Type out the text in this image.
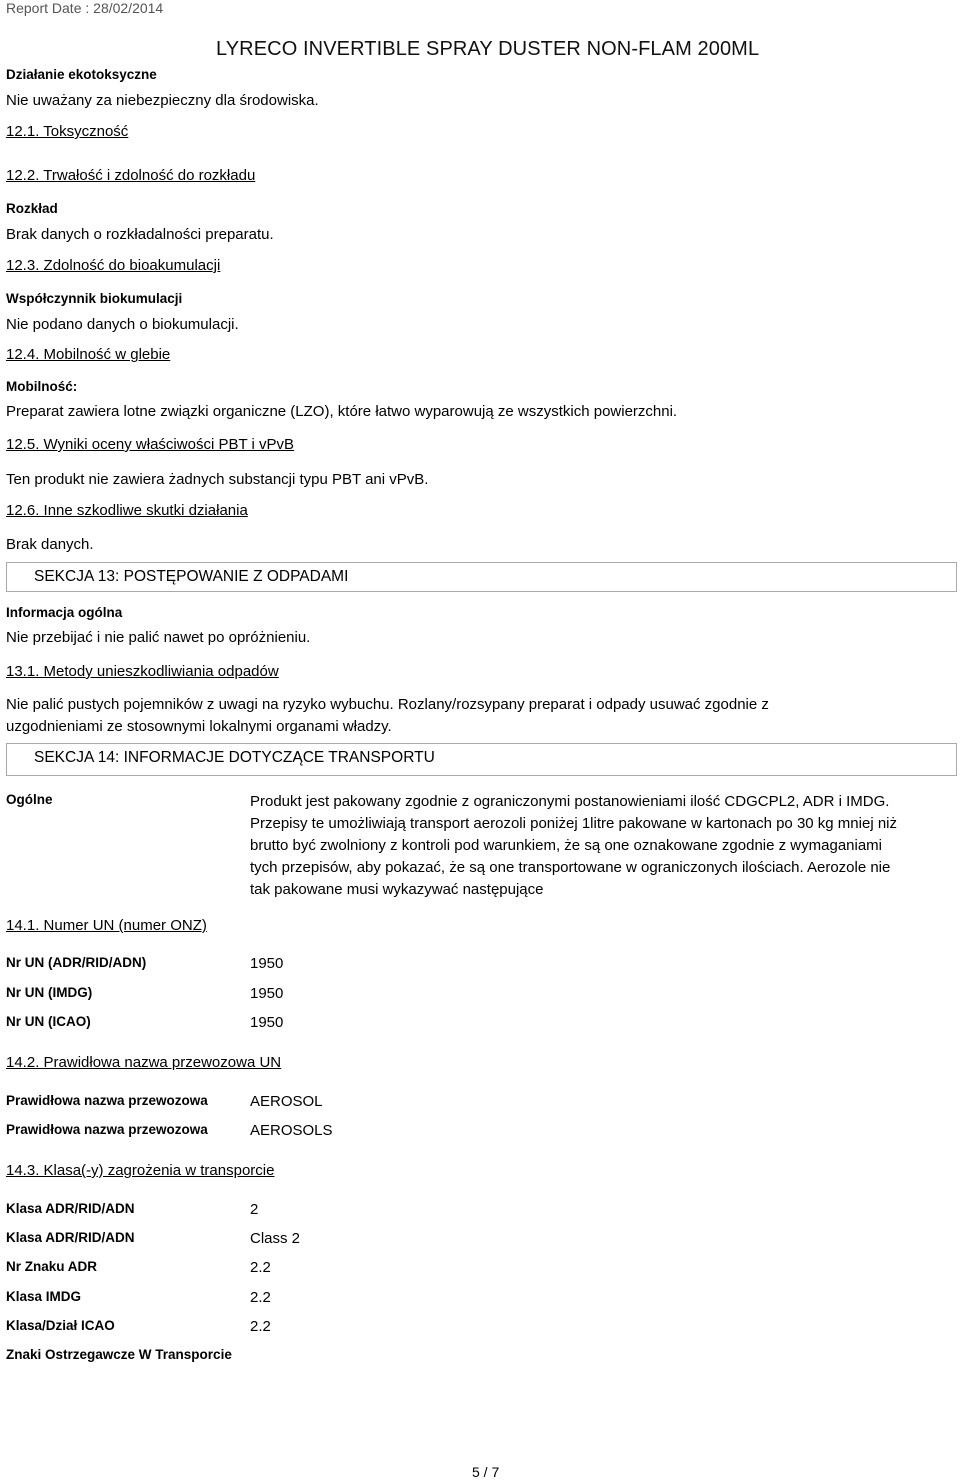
Report Date : 28/02/2014
LYRECO INVERTIBLE SPRAY DUSTER NON-FLAM 200ML
Działanie ekotoksyczne
Nie uważany za niebezpieczny dla środowiska.
12.1. Toksyczność
12.2. Trwałość i zdolność do rozkładu
Rozkład
Brak danych o rozkładalności preparatu.
12.3. Zdolność do bioakumulacji
Współczynnik biokumulacji
Nie podano danych o biokumulacji.
12.4. Mobilność w glebie
Mobilność:
Preparat zawiera lotne związki organiczne (LZO), które łatwo wyparowują ze wszystkich powierzchni.
12.5. Wyniki oceny właściwości PBT i vPvB
Ten produkt nie zawiera żadnych substancji typu PBT ani vPvB.
12.6. Inne szkodliwe skutki działania
Brak danych.
SEKCJA 13: POSTĘPOWANIE Z ODPADAMI
Informacja ogólna
Nie przebijać i nie palić nawet po opróżnieniu.
13.1. Metody unieszkodliwiania odpadów
Nie palić pustych pojemników z uwagi na ryzyko wybuchu. Rozlany/rozsypany preparat i odpady usuwać zgodnie z uzgodnieniami ze stosownymi lokalnymi organami władzy.
SEKCJA 14: INFORMACJE DOTYCZĄCE TRANSPORTU
Ogólne	Produkt jest pakowany zgodnie z ograniczonymi postanowieniami ilość CDGCPL2, ADR i IMDG. Przepisy te umożliwiają transport aerozoli poniżej 1litre pakowane w kartonach po 30 kg mniej niż brutto być zwolniony z kontroli pod warunkiem, że są one oznakowane zgodnie z wymaganiami tych przepisów, aby pokazać, że są one transportowane w ograniczonych ilościach. Aerozole nie tak pakowane musi wykazywać następujące
14.1. Numer UN (numer ONZ)
Nr UN (ADR/RID/ADN)	1950
Nr UN (IMDG)	1950
Nr UN (ICAO)	1950
14.2. Prawidłowa nazwa przewozowa UN
Prawidłowa nazwa przewozowa	AEROSOL
Prawidłowa nazwa przewozowa	AEROSOLS
14.3. Klasa(-y) zagrożenia w transporcie
Klasa ADR/RID/ADN	2
Klasa ADR/RID/ADN	Class 2
Nr Znaku ADR	2.2
Klasa IMDG	2.2
Klasa/Dział ICAO	2.2
Znaki Ostrzegawcze W Transporcie
5 / 7
